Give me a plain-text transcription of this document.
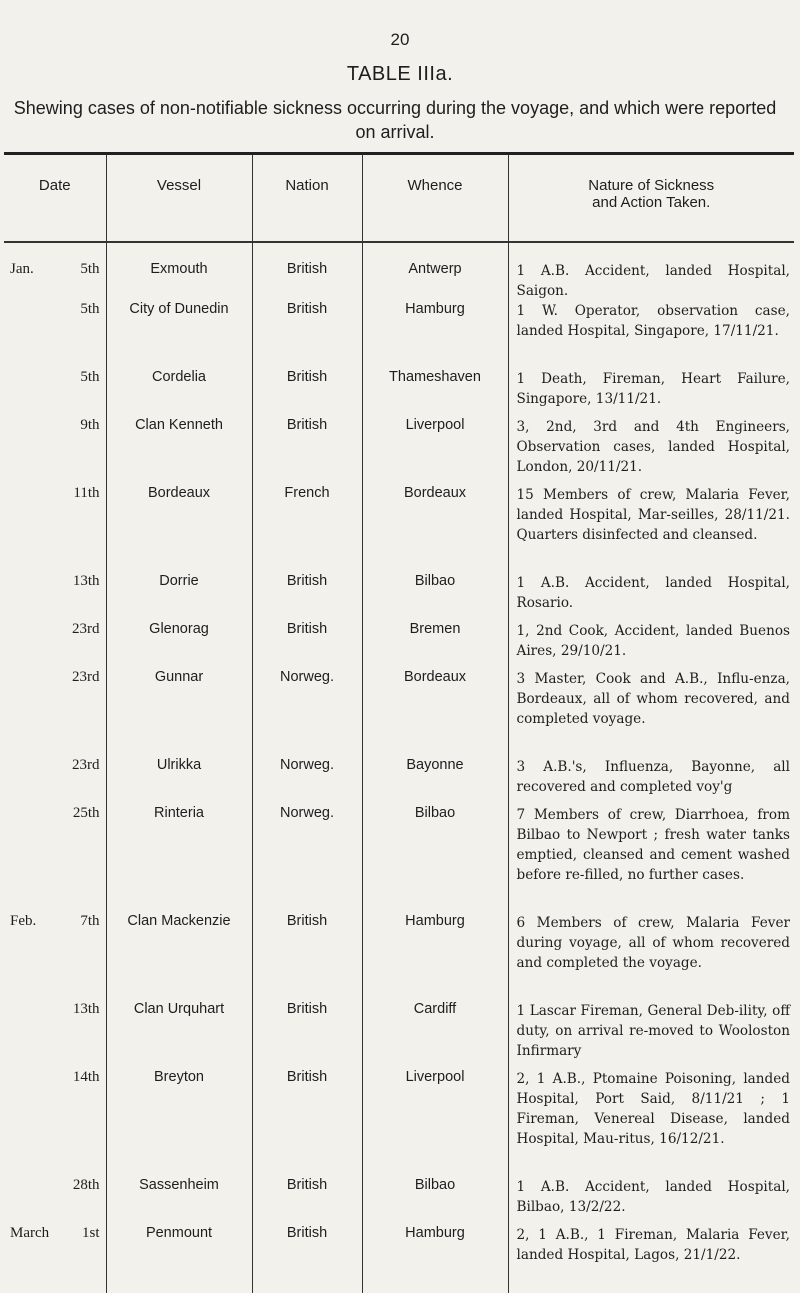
20
TABLE IIIa.
Shewing cases of non-notifiable sickness occurring during the voyage, and which were reported on arrival.
Date	Vessel	Nation	Whence	Nature of Sickness
and Action Taken.

Jan. 5th	Exmouth	British	Antwerp	1 A.B. Accident, landed Hospital, Saigon.

5th	City of Dunedin	British	Hamburg	1 W. Operator, observation case, landed Hospital, Singapore, 17/11/21.

5th	Cordelia	British	Thameshaven	1 Death, Fireman, Heart Failure, Singapore, 13/11/21.

9th	Clan Kenneth	British	Liverpool	3, 2nd, 3rd and 4th Engineers, Observation cases, landed Hospital, London, 20/11/21.

11th	Bordeaux	French	Bordeaux	15 Members of crew, Malaria Fever, landed Hospital, Mar-seilles, 28/11/21. Quarters disinfected and cleansed.

13th	Dorrie	British	Bilbao	1 A.B. Accident, landed Hospital, Rosario.

23rd	Glenorag	British	Bremen	1, 2nd Cook, Accident, landed Buenos Aires, 29/10/21.

23rd	Gunnar	Norweg.	Bordeaux	3 Master, Cook and A.B., Influ-enza, Bordeaux, all of whom recovered, and completed voyage.

23rd	Ulrikka	Norweg.	Bayonne	3 A.B.'s, Influenza, Bayonne, all recovered and completed voy'g

25th	Rinteria	Norweg.	Bilbao	7 Members of crew, Diarrhoea, from Bilbao to Newport ; fresh water tanks emptied, cleansed and cement washed before re-filled, no further cases.
Feb. 7th	Clan Mackenzie	British	Hamburg	6 Members of crew, Malaria Fever during voyage, all of whom recovered and completed the voyage.

13th	Clan Urquhart	British	Cardiff	1 Lascar Fireman, General Deb-ility, off duty, on arrival re-moved to Wooloston Infirmary

14th	Breyton	British	Liverpool	2, 1 A.B., Ptomaine Poisoning, landed Hospital, Port Said, 8/11/21 ; 1 Fireman, Venereal Disease, landed Hospital, Mau-ritus, 16/12/21.

28th	Sassenheim	British	Bilbao	1 A.B. Accident, landed Hospital, Bilbao, 13/2/22.
March 1st	Penmount	British	Hamburg	2, 1 A.B., 1 Fireman, Malaria Fever, landed Hospital, Lagos, 21/1/22.
